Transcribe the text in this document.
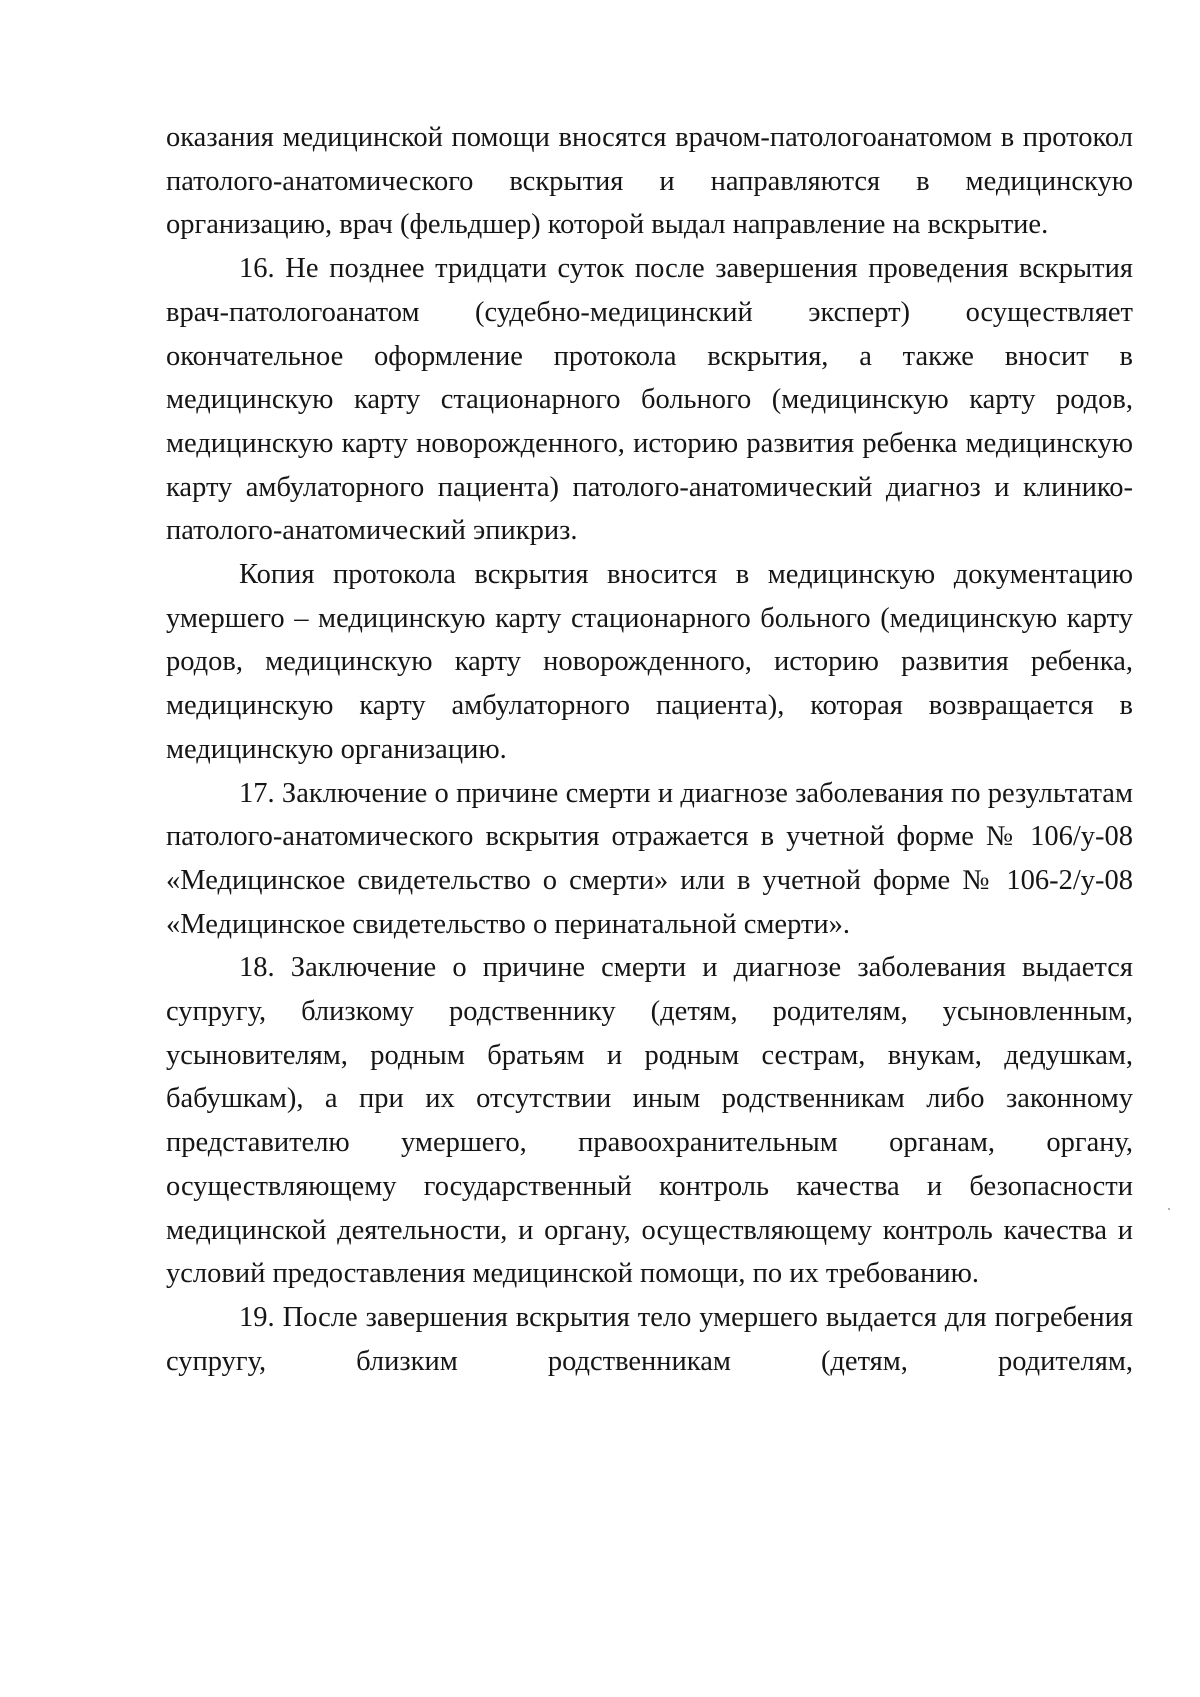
оказания медицинской помощи вносятся врачом-патологоанатомом в протокол патолого-анатомического вскрытия и направляются в медицинскую организацию, врач (фельдшер) которой выдал направление на вскрытие.

16. Не позднее тридцати суток после завершения проведения вскрытия врач-патологоанатом (судебно-медицинский эксперт) осуществляет окончательное оформление протокола вскрытия, а также вносит в медицинскую карту стационарного больного (медицинскую карту родов, медицинскую карту новорожденного, историю развития ребенка медицинскую карту амбулаторного пациента) патолого-анатомический диагноз и клинико-патолого-анатомический эпикриз.

Копия протокола вскрытия вносится в медицинскую документацию умершего – медицинскую карту стационарного больного (медицинскую карту родов, медицинскую карту новорожденного, историю развития ребенка, медицинскую карту амбулаторного пациента), которая возвращается в медицинскую организацию.

17. Заключение о причине смерти и диагнозе заболевания по результатам патолого-анатомического вскрытия отражается в учетной форме № 106/у-08 «Медицинское свидетельство о смерти» или в учетной форме № 106-2/у-08 «Медицинское свидетельство о перинатальной смерти».

18. Заключение о причине смерти и диагнозе заболевания выдается супругу, близкому родственнику (детям, родителям, усыновленным, усыновителям, родным братьям и родным сестрам, внукам, дедушкам, бабушкам), а при их отсутствии иным родственникам либо законному представителю умершего, правоохранительным органам, органу, осуществляющему государственный контроль качества и безопасности медицинской деятельности, и органу, осуществляющему контроль качества и условий предоставления медицинской помощи, по их требованию.

19. После завершения вскрытия тело умершего выдается для погребения супругу, близким родственникам (детям, родителям,
